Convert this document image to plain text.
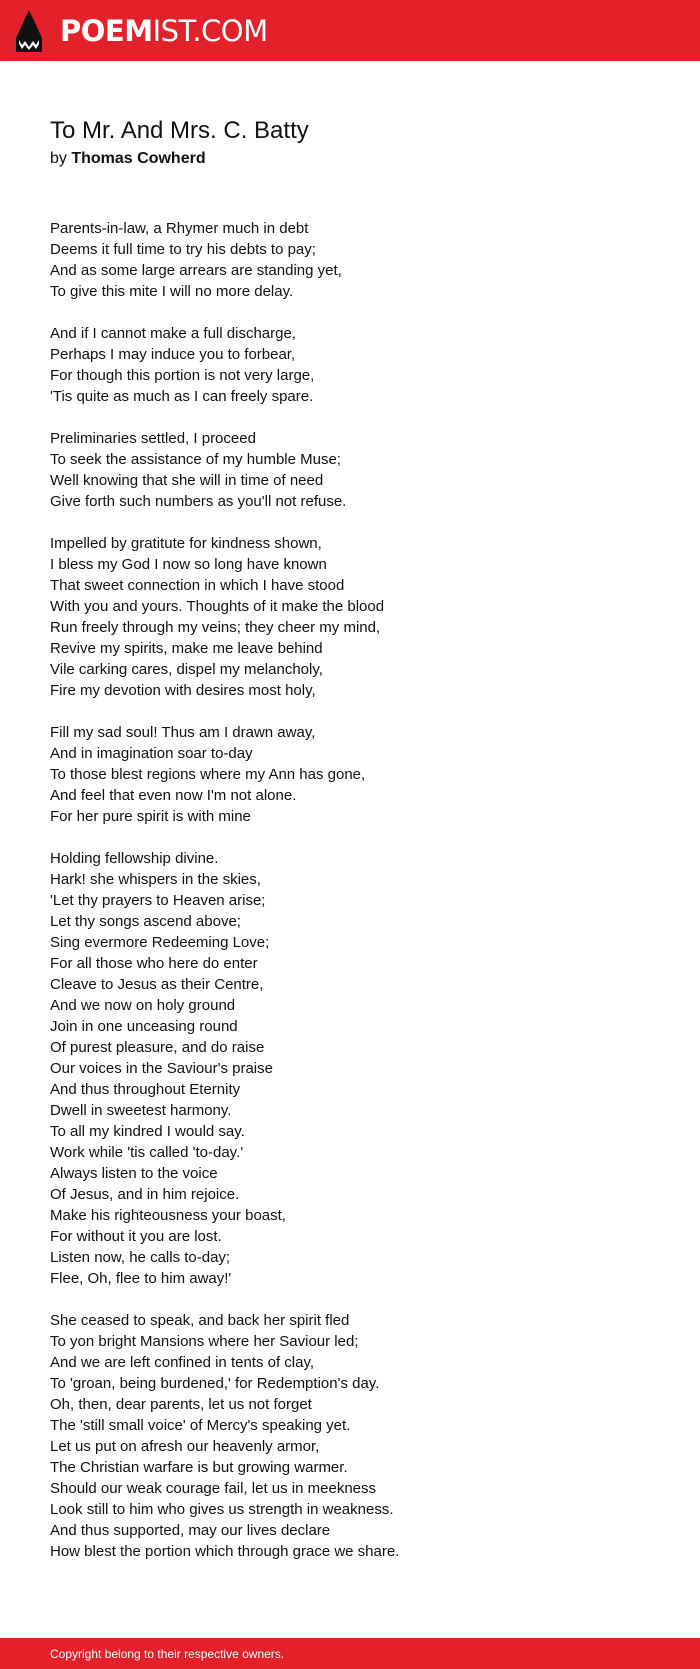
POEMIST.COM
To Mr. And Mrs. C. Batty
by Thomas Cowherd
Parents-in-law, a Rhymer much in debt
Deems it full time to try his debts to pay;
And as some large arrears are standing yet,
To give this mite I will no more delay.
And if I cannot make a full discharge,
Perhaps I may induce you to forbear,
For though this portion is not very large,
'Tis quite as much as I can freely spare.
Preliminaries settled, I proceed
To seek the assistance of my humble Muse;
Well knowing that she will in time of need
Give forth such numbers as you'll not refuse.
Impelled by gratitute for kindness shown,
I bless my God I now so long have known
That sweet connection in which I have stood
With you and yours. Thoughts of it make the blood
Run freely through my veins; they cheer my mind,
Revive my spirits, make me leave behind
Vile carking cares, dispel my melancholy,
Fire my devotion with desires most holy,
Fill my sad soul! Thus am I drawn away,
And in imagination soar to-day
To those blest regions where my Ann has gone,
And feel that even now I'm not alone.
For her pure spirit is with mine
Holding fellowship divine.
Hark! she whispers in the skies,
'Let thy prayers to Heaven arise;
Let thy songs ascend above;
Sing evermore Redeeming Love;
For all those who here do enter
Cleave to Jesus as their Centre,
And we now on holy ground
Join in one unceasing round
Of purest pleasure, and do raise
Our voices in the Saviour's praise
And thus throughout Eternity
Dwell in sweetest harmony.
To all my kindred I would say.
Work while 'tis called 'to-day.'
Always listen to the voice
Of Jesus, and in him rejoice.
Make his righteousness your boast,
For without it you are lost.
Listen now, he calls to-day;
Flee, Oh, flee to him away!'
She ceased to speak, and back her spirit fled
To yon bright Mansions where her Saviour led;
And we are left confined in tents of clay,
To 'groan, being burdened,' for Redemption's day.
Oh, then, dear parents, let us not forget
The 'still small voice' of Mercy's speaking yet.
Let us put on afresh our heavenly armor,
The Christian warfare is but growing warmer.
Should our weak courage fail, let us in meekness
Look still to him who gives us strength in weakness.
And thus supported, may our lives declare
How blest the portion which through grace we share.
Copyright belong to their respective owners.
